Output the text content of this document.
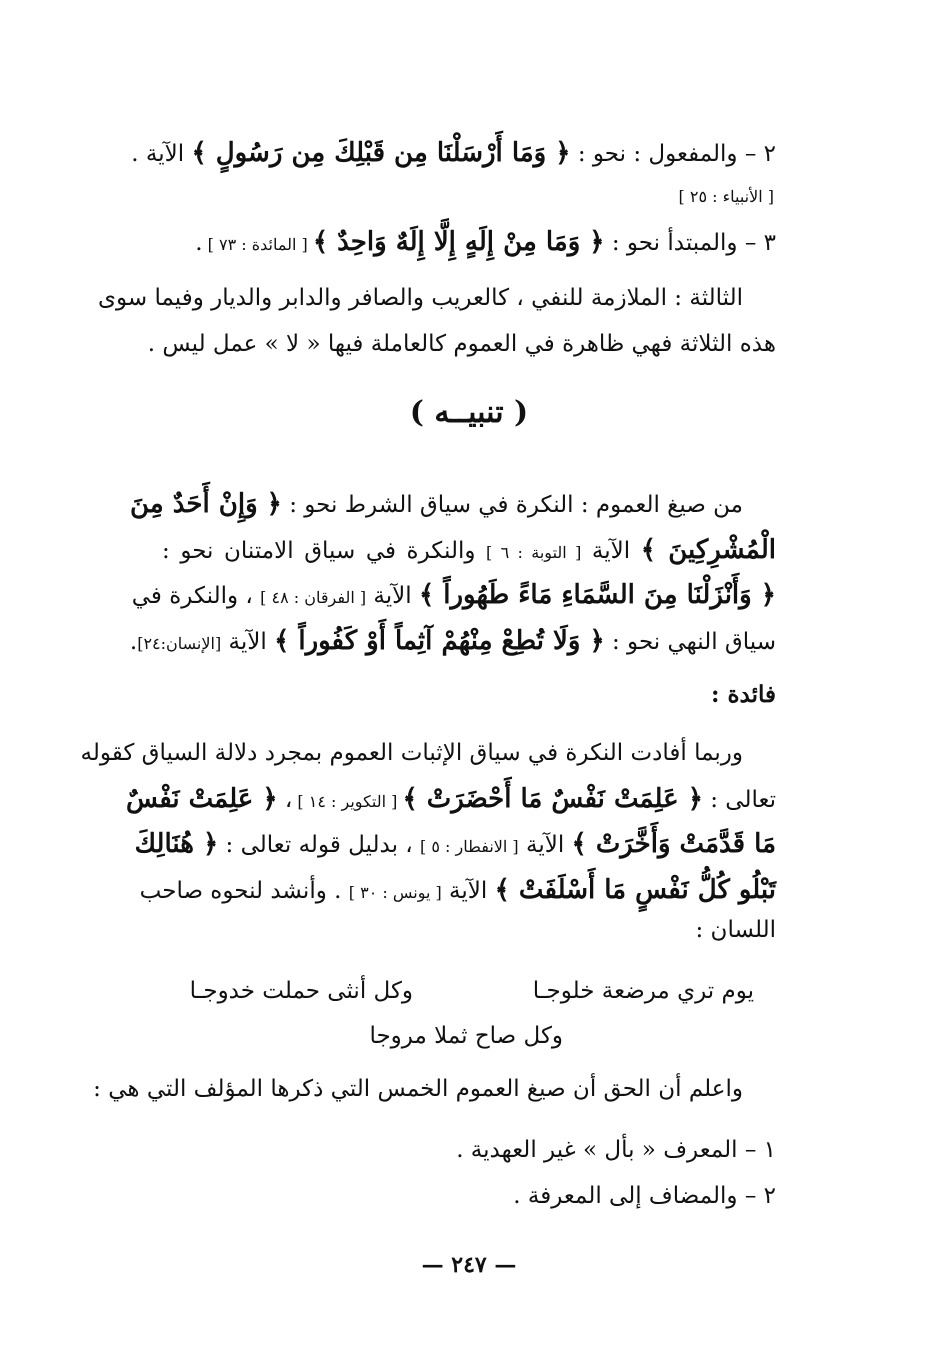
٢ – والمفعول : نحو : ﴿ وَمَا أَرْسَلْنَا مِن قَبْلِكَ مِن رَسُولٍ ﴾ الآية .
[ الأنبياء : ٢٥ ]
٣ – والمبتدأ نحو : ﴿ وَمَا مِنْ إِلَهٍ إِلَّا إِلَهٌ وَاحِدٌ ﴾ [ المائدة : ٧٣ ] .
الثالثة : الملازمة للنفي ، كالعريب والصافر والدابر والديار وفيما سوى
هذه الثلاثة فهي ظاهرة في العموم كالعاملة فيها « لا » عمل ليس .
( تنبيــه )
من صيغ العموم : النكرة في سياق الشرط نحو : ﴿ وَإِنْ أَحَدٌ مِنَ
الْمُشْرِكِينَ ﴾ الآية [ التوبة : ٦ ] والنكرة في سياق الامتنان نحو :
﴿ وَأَنْزَلْنَا مِنَ السَّمَاءِ مَاءً طَهُوراً ﴾ الآية [ الفرقان : ٤٨ ] ، والنكرة في
سياق النهي نحو : ﴿ وَلَا تُطِعْ مِنْهُمْ آثِماً أَوْ كَفُوراً ﴾ الآية [الإنسان:٢٤].
فائدة :
وربما أفادت النكرة في سياق الإثبات العموم بمجرد دلالة السياق كقوله
تعالى : ﴿ عَلِمَتْ نَفْسٌ مَا أَحْضَرَتْ ﴾ [ التكوير : ١٤ ] ، ﴿ عَلِمَتْ نَفْسٌ
مَا قَدَّمَتْ وَأَخَّرَتْ ﴾ الآية [ الانفطار : ٥ ] ، بدليل قوله تعالى : ﴿ هُنَالِكَ
تَبْلُو كُلُّ نَفْسٍ مَا أَسْلَفَتْ ﴾ الآية [ يونس : ٣٠ ] . وأنشد لنحوه صاحب
اللسان :
يوم تري مرضعة خلوجـا
وكل أنثى حملت خدوجـا
وكل صاح ثملا مروجا
واعلم أن الحق أن صيغ العموم الخمس التي ذكرها المؤلف التي هي :
١ – المعرف « بأل » غير العهدية .
٢ – والمضاف إلى المعرفة .
— ٢٤٧ —
